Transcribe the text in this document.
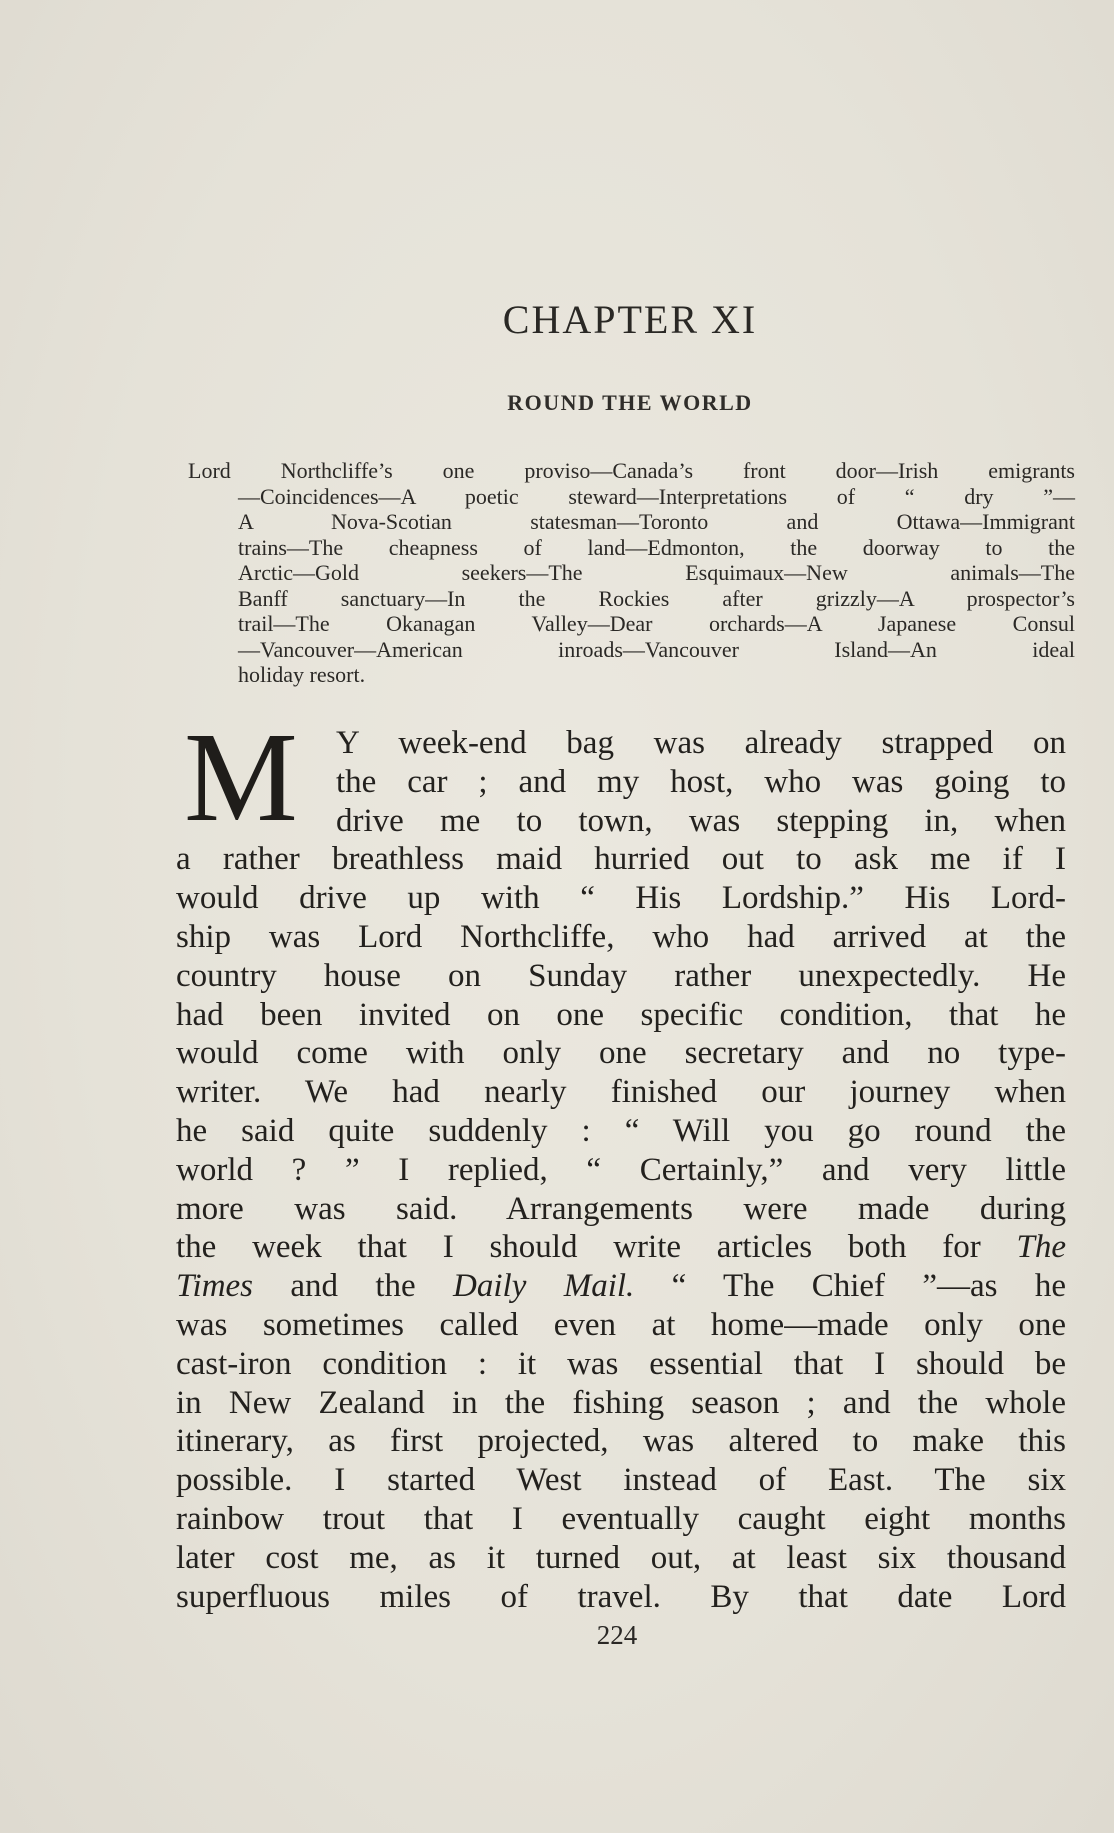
CHAPTER XI
ROUND THE WORLD
Lord Northcliffe’s one proviso—Canada’s front door—Irish emigrants
—Coincidences—A poetic steward—Interpretations of “ dry ”—
A Nova-Scotian statesman—Toronto and Ottawa—Immigrant
trains—The cheapness of land—Edmonton, the doorway to the
Arctic—Gold seekers—The Esquimaux—New animals—The
Banff sanctuary—In the Rockies after grizzly—A prospector’s
trail—The Okanagan Valley—Dear orchards—A Japanese Consul
—Vancouver—American inroads—Vancouver Island—An ideal
holiday resort.
M	Y week-end bag was already strapped on
the car ; and my host, who was going to
drive me to town, was stepping in, when
a rather breathless maid hurried out to ask me if I
would drive up with “ His Lordship.” His Lord-
ship was Lord Northcliffe, who had arrived at the
country house on Sunday rather unexpectedly. He
had been invited on one specific condition, that he
would come with only one secretary and no type-
writer. We had nearly finished our journey when
he said quite suddenly : “ Will you go round the
world ? ” I replied, “ Certainly,” and very little
more was said. Arrangements were made during
the week that I should write articles both for The
Times and the Daily Mail. “ The Chief ”—as he
was sometimes called even at home—made only one
cast-iron condition : it was essential that I should be
in New Zealand in the fishing season ; and the whole
itinerary, as first projected, was altered to make this
possible. I started West instead of East. The six
rainbow trout that I eventually caught eight months
later cost me, as it turned out, at least six thousand
superfluous miles of travel. By that date Lord

224
